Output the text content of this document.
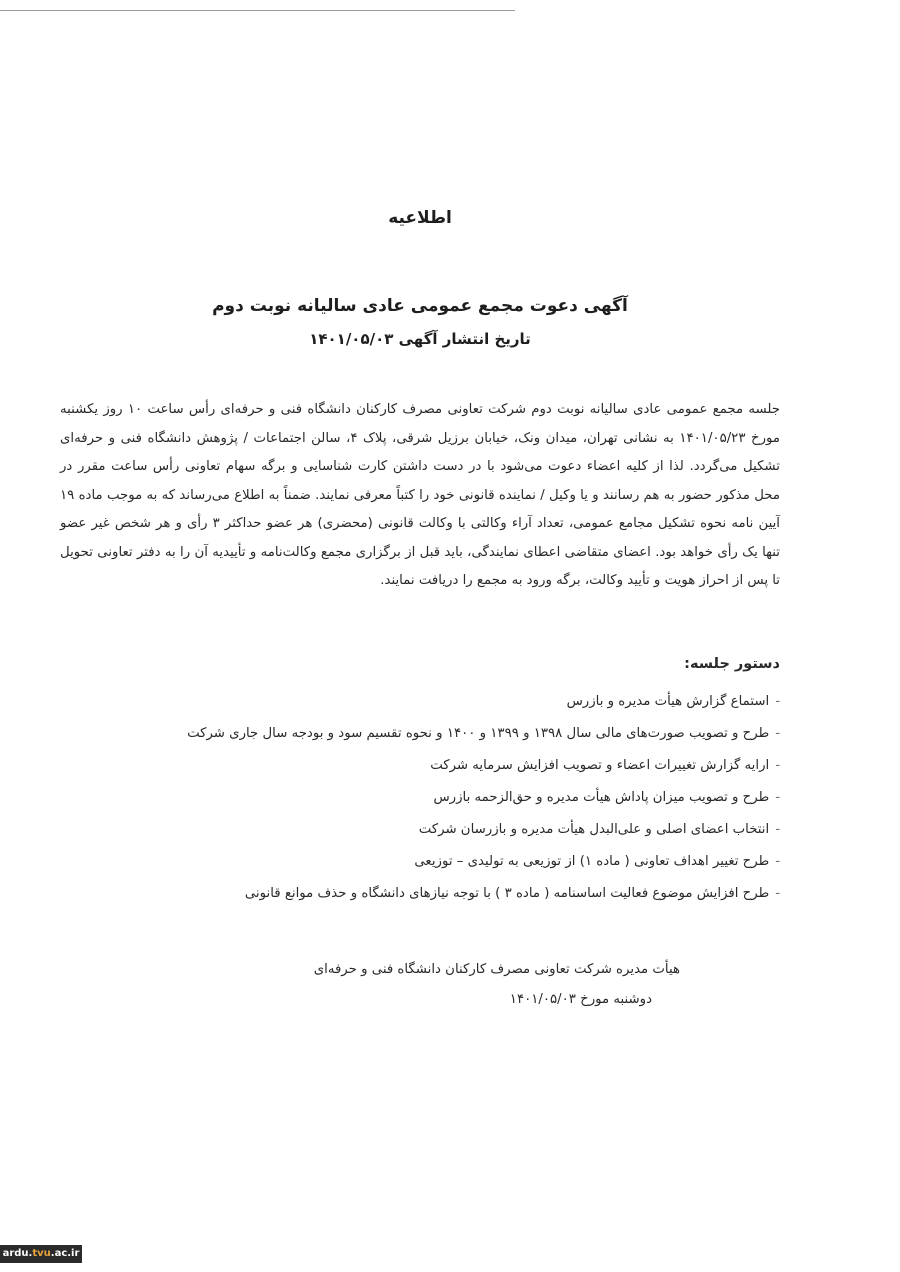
اطلاعیه
آگهی دعوت مجمع عمومی عادی سالیانه نوبت دوم
تاریخ انتشار آگهی ۱۴۰۱/۰۵/۰۳

جلسه مجمع عمومی عادی سالیانه نوبت دوم شرکت تعاونی مصرف کارکنان دانشگاه فنی و حرفه‌ای رأس ساعت ۱۰ روز یکشنبه مورخ ۱۴۰۱/۰۵/۲۳ به نشانی تهران، میدان ونک، خیابان برزیل شرقی، پلاک ۴، سالن اجتماعات / پژوهش دانشگاه فنی و حرفه‌ای تشکیل می‌گردد. لذا از کلیه اعضاء دعوت می‌شود با در دست داشتن کارت شناسایی و برگه سهام تعاونی رأس ساعت مقرر در محل مذکور حضور به هم رسانند و یا وکیل / نماینده قانونی خود را کتباً معرفی نمایند. ضمناً به اطلاع می‌رساند که به موجب ماده ۱۹ آیین نامه نحوه تشکیل مجامع عمومی، تعداد آراء وکالتی با وکالت قانونی (محضری) هر عضو حداکثر ۳ رأی و هر شخص غیر عضو تنها یک رأی خواهد بود. اعضای متقاضی اعطای نمایندگی، باید قبل از برگزاری مجمع وکالت‌نامه و تأییدیه آن را به دفتر تعاونی تحویل تا پس از احراز هویت و تأیید وکالت، برگه ورود به مجمع را دریافت نمایند.

دستور جلسه:
-استماع گزارش هیأت مدیره و بازرس
-طرح و تصویب صورت‌های مالی سال ۱۳۹۸ و ۱۳۹۹ و ۱۴۰۰ و نحوه تقسیم سود و بودجه سال جاری شرکت
-ارایه گزارش تغییرات اعضاء و تصویب افزایش سرمایه شرکت
-طرح و تصویب میزان پاداش هیأت مدیره و حق‌الزحمه بازرس
-انتخاب اعضای اصلی و علی‌البدل هیأت مدیره و بازرسان شرکت
-طرح تغییر اهداف تعاونی ( ماده ۱) از توزیعی به تولیدی – توزیعی
-طرح افزایش موضوع فعالیت اساسنامه ( ماده ۳ ) با توجه نیازهای دانشگاه و حذف موانع قانونی
هیأت مدیره شرکت تعاونی مصرف کارکنان دانشگاه فنی و حرفه‌ای
دوشنبه مورخ ۱۴۰۱/۰۵/۰۳
ardu.tvu.ac.ir
